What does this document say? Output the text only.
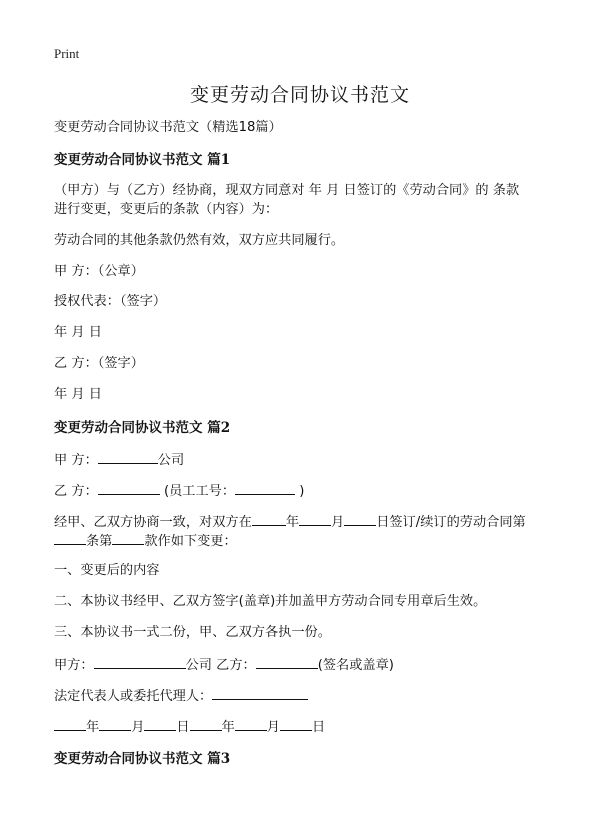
Print
变更劳动合同协议书范文
变更劳动合同协议书范文（精选18篇）
变更劳动合同协议书范文 篇1
（甲方）与（乙方）经协商，现双方同意对 年 月 日签订的《劳动合同》的 条款
进行变更，变更后的条款（内容）为：
劳动合同的其他条款仍然有效，双方应共同履行。
甲 方：（公章）
授权代表：（签字）
年 月 日
乙 方：（签字）
年 月 日
变更劳动合同协议书范文 篇2
甲 方：	公司
乙 方：	(员工工号：	)
经甲、乙双方协商一致，对双方在	年 月 日签订/续订的劳动合同第
条第 款作如下变更：
一、变更后的内容
二、本协议书经甲、乙双方签字(盖章)并加盖甲方劳动合同专用章后生效。
三、本协议书一式二份，甲、乙双方各执一份。
甲方：	公司 乙方：	(签名或盖章)
法定代表人或委托代理人：
年 月 日 年 月 日
变更劳动合同协议书范文 篇3
